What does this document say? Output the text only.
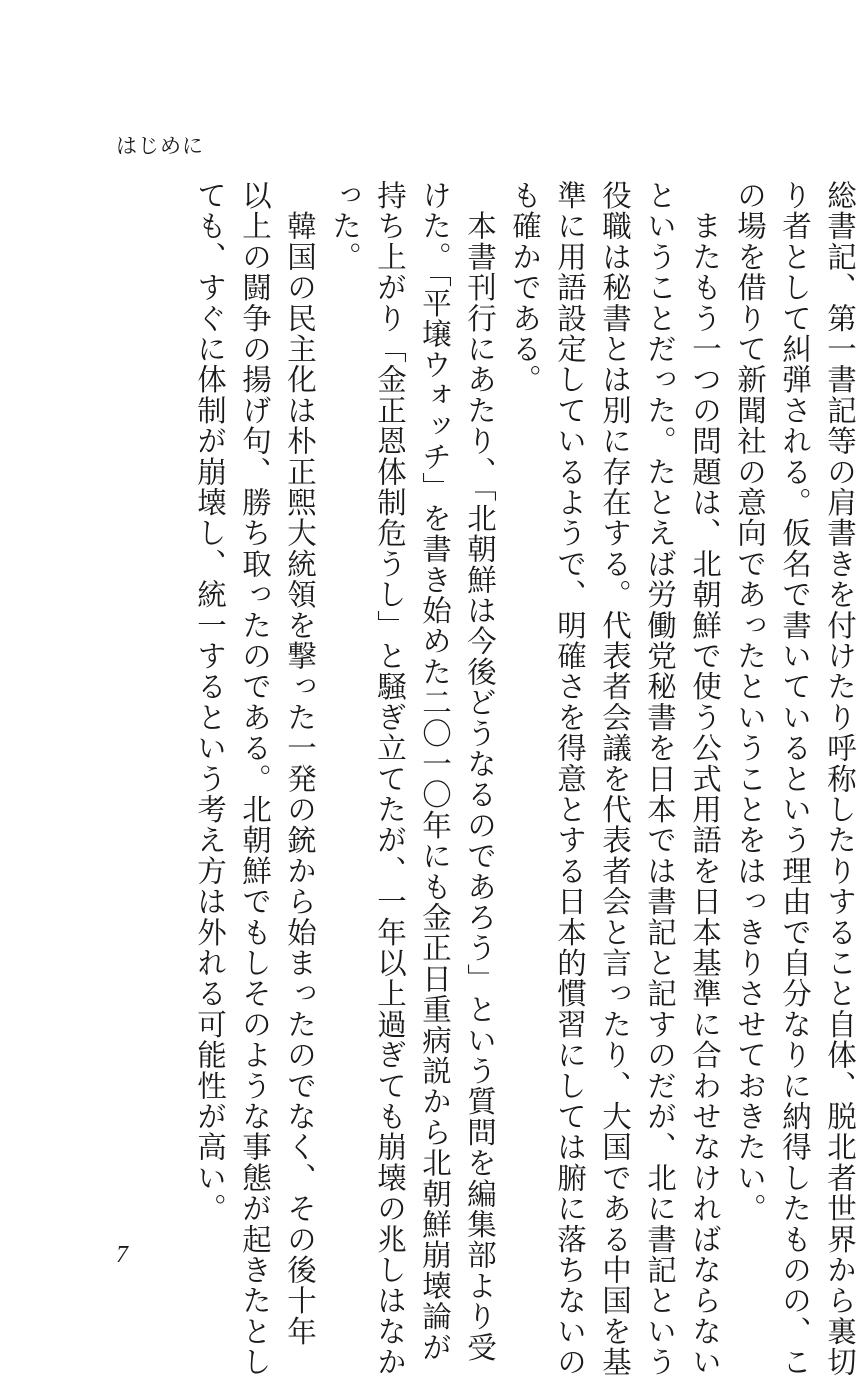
はじめに
総書記、第一書記等の肩書きを付けたり呼称したりすること自体、脱北者世界から裏切
り者として糾弾される。仮名で書いているという理由で自分なりに納得したものの、こ
の場を借りて新聞社の意向であったということをはっきりさせておきたい。
　またもう一つの問題は、北朝鮮で使う公式用語を日本基準に合わせなければならない
ということだった。たとえば労働党秘書を日本では書記と記すのだが、北に書記という
役職は秘書とは別に存在する。代表者会議を代表者会と言ったり、大国である中国を基
準に用語設定しているようで、明確さを得意とする日本的慣習にしては腑に落ちないの
も確かである。
　本書刊行にあたり、「北朝鮮は今後どうなるのであろう」という質問を編集部より受
けた。「平壌ウォッチ」を書き始めた二〇一〇年にも金正日重病説から北朝鮮崩壊論が
持ち上がり「金正恩体制危うし」と騒ぎ立てたが、一年以上過ぎても崩壊の兆しはなか
った。
　韓国の民主化は朴正煕大統領を撃った一発の銃から始まったのでなく、その後十年
以上の闘争の揚げ句、勝ち取ったのである。北朝鮮でもしそのような事態が起きたとし
ても、すぐに体制が崩壊し、統一するという考え方は外れる可能性が高い。
7
